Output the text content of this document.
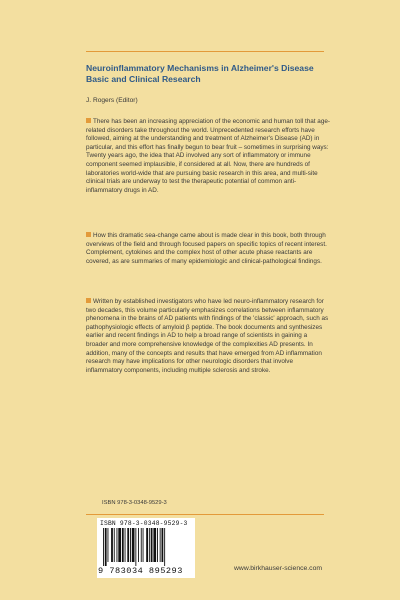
Neuroinflammatory Mechanisms in Alzheimer's Disease
Basic and Clinical Research
J. Rogers (Editor)

There has been an increasing appreciation of the economic and human toll that age-related disorders take throughout the world. Unprecedented research efforts have followed, aiming at the understanding and treatment of Alzheimer's Disease (AD) in particular, and this effort has finally begun to bear fruit – sometimes in surprising ways: Twenty years ago, the idea that AD involved any sort of inflammatory or immune component seemed implausible, if considered at all. Now, there are hundreds of laboratories world-wide that are pursuing basic research in this area, and multi-site clinical trials are underway to test the therapeutic potential of common anti-inflammatory drugs in AD.

How this dramatic sea-change came about is made clear in this book, both through overviews of the field and through focused papers on specific topics of recent interest. Complement, cytokines and the complex host of other acute phase reactants are covered, as are summaries of many epidemiologic and clinical-pathological findings.

Written by established investigators who have led neuro-inflammatory research for two decades, this volume particularly emphasizes correlations between inflammatory phenomena in the brains of AD patients with findings of the 'classic' approach, such as pathophysiologic effects of amyloid β peptide. The book documents and synthesizes earlier and recent findings in AD to help a broad range of scientists in gaining a broader and more comprehensive knowledge of the complexities AD presents. In addition, many of the concepts and results that have emerged from AD inflammation research may have implications for other neurologic disorders that involve inflammatory components, including multiple sclerosis and stroke.

ISBN 978-3-0348-9529-3
ISBN 978-3-0348-9529-3
9 783034 895293	www.birkhauser-science.com
